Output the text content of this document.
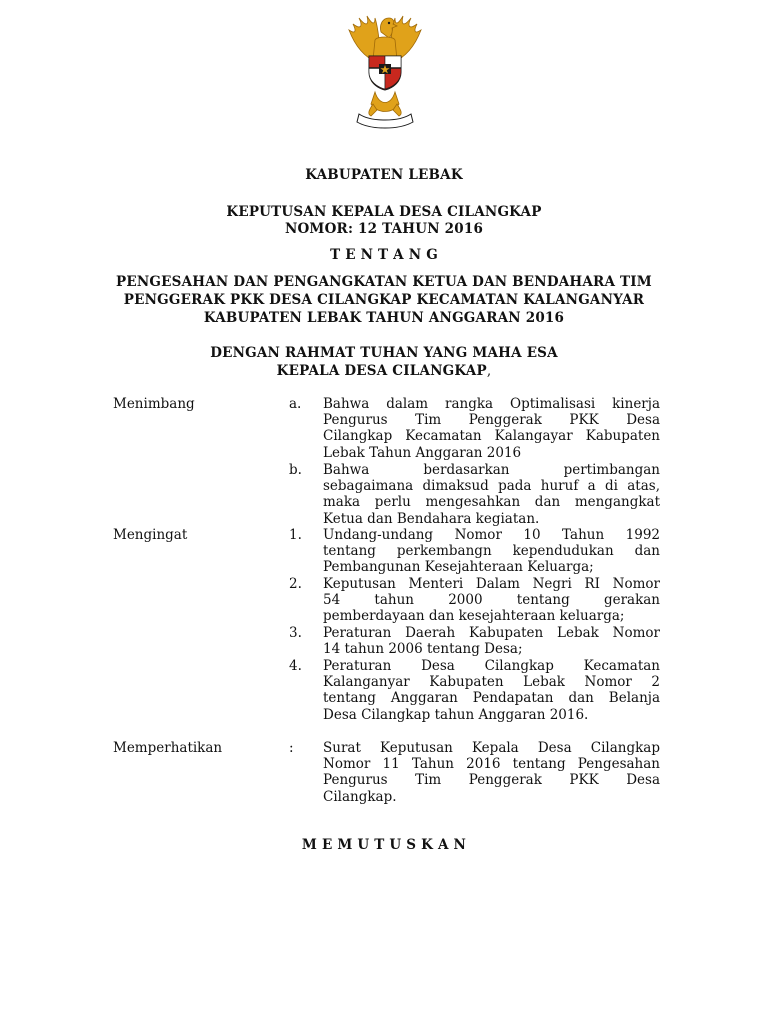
KABUPATEN LEBAK
KEPUTUSAN KEPALA DESA CILANGKAP
NOMOR: 12 TAHUN 2016
T E N T A N G
PENGESAHAN DAN PENGANGKATAN KETUA DAN BENDAHARA TIM
PENGGERAK PKK DESA CILANGKAP KECAMATAN KALANGANYAR
KABUPATEN LEBAK TAHUN ANGGARAN 2016
DENGAN RAHMAT TUHAN YANG MAHA ESA
KEPALA DESA CILANGKAP,
Menimbang	a. Bahwa dalam rangka Optimalisasi kinerja
Pengurus Tim Penggerak PKK Desa
Cilangkap Kecamatan Kalangayar Kabupaten
Lebak Tahun Anggaran 2016
b. Bahwa berdasarkan pertimbangan
sebagaimana dimaksud pada huruf a di atas,
maka perlu mengesahkan dan mengangkat
Ketua dan Bendahara kegiatan.
Mengingat	1. Undang-undang Nomor 10 Tahun 1992
tentang perkembangn kependudukan dan
Pembangunan Kesejahteraan Keluarga;
2. Keputusan Menteri Dalam Negri RI Nomor
54 tahun 2000 tentang gerakan
pemberdayaan dan kesejahteraan keluarga;
3. Peraturan Daerah Kabupaten Lebak Nomor
14 tahun 2006 tentang Desa;
4. Peraturan Desa Cilangkap Kecamatan
Kalanganyar Kabupaten Lebak Nomor 2
tentang Anggaran Pendapatan dan Belanja
Desa Cilangkap tahun Anggaran 2016.
Memperhatikan	: Surat Keputusan Kepala Desa Cilangkap
Nomor 11 Tahun 2016 tentang Pengesahan
Pengurus Tim Penggerak PKK Desa
Cilangkap.
M E M U T U S K A N
